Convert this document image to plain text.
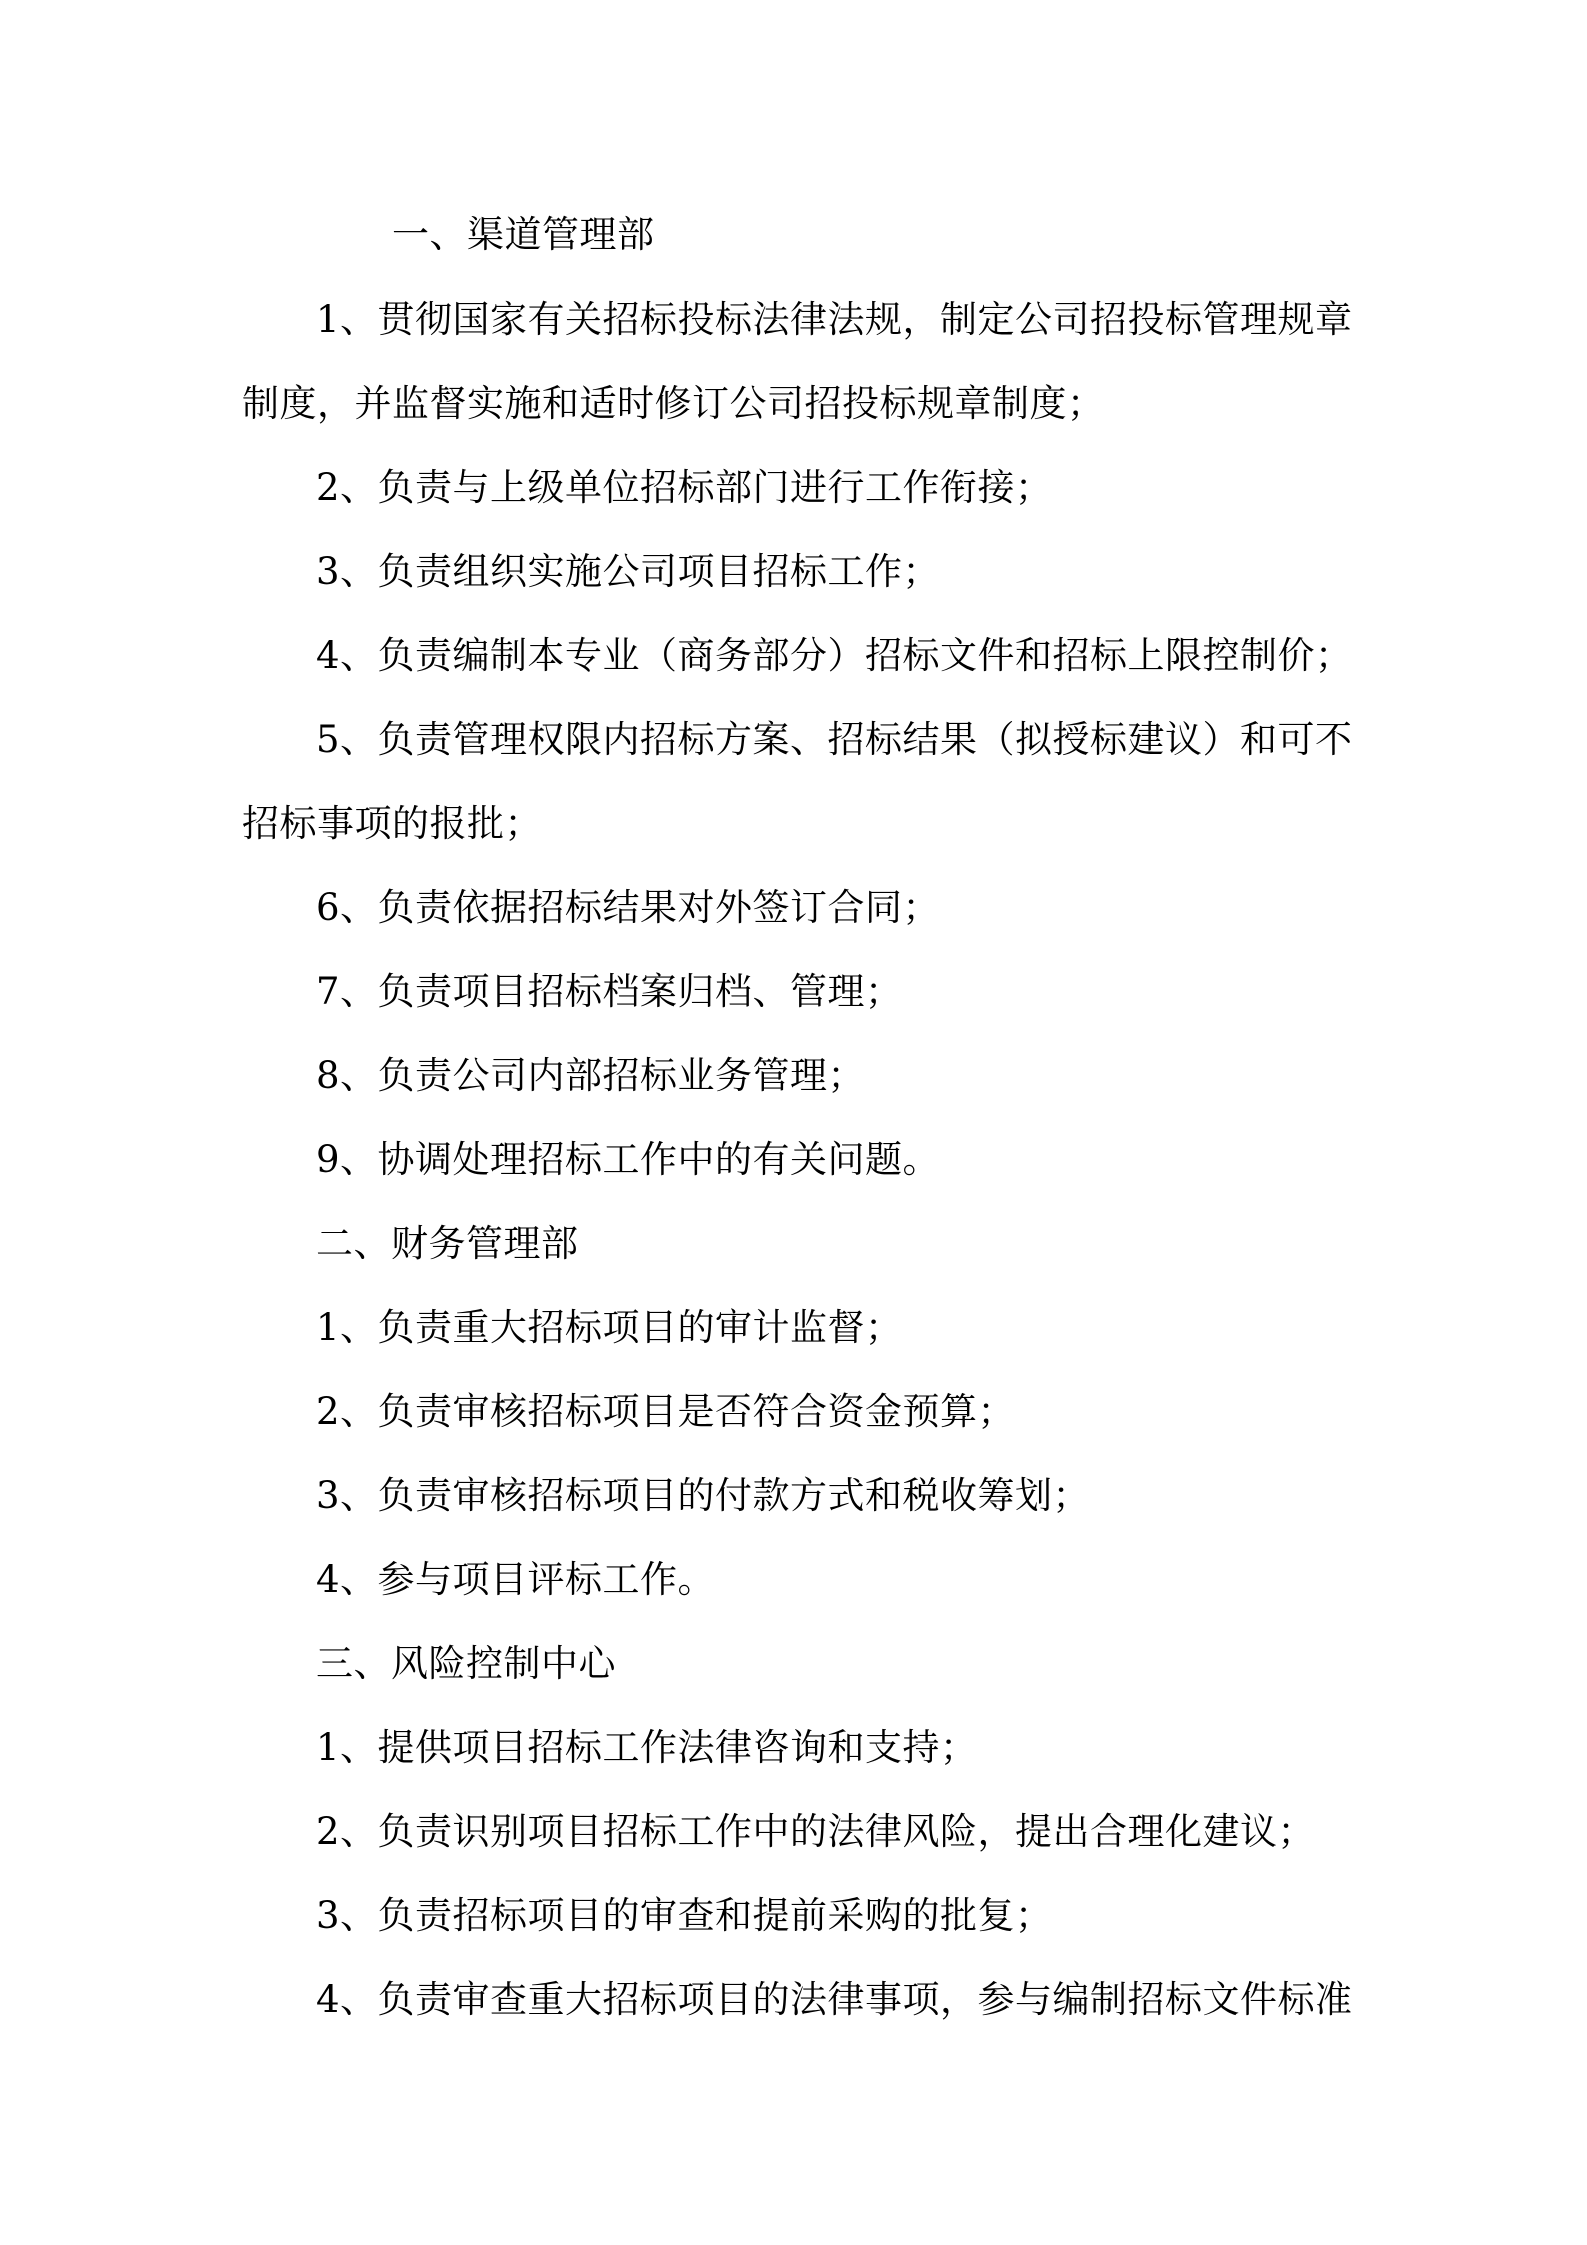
一、渠道管理部
1、贯彻国家有关招标投标法律法规，制定公司招投标管理规章
制度，并监督实施和适时修订公司招投标规章制度；
2、负责与上级单位招标部门进行工作衔接；
3、负责组织实施公司项目招标工作；
4、负责编制本专业（商务部分）招标文件和招标上限控制价；
5、负责管理权限内招标方案、招标结果（拟授标建议）和可不
招标事项的报批；
6、负责依据招标结果对外签订合同；
7、负责项目招标档案归档、管理；
8、负责公司内部招标业务管理；
9、协调处理招标工作中的有关问题。
二、财务管理部
1、负责重大招标项目的审计监督；
2、负责审核招标项目是否符合资金预算；
3、负责审核招标项目的付款方式和税收筹划；
4、参与项目评标工作。
三、风险控制中心
1、提供项目招标工作法律咨询和支持；
2、负责识别项目招标工作中的法律风险，提出合理化建议；
3、负责招标项目的审查和提前采购的批复；
4、负责审查重大招标项目的法律事项，参与编制招标文件标准
